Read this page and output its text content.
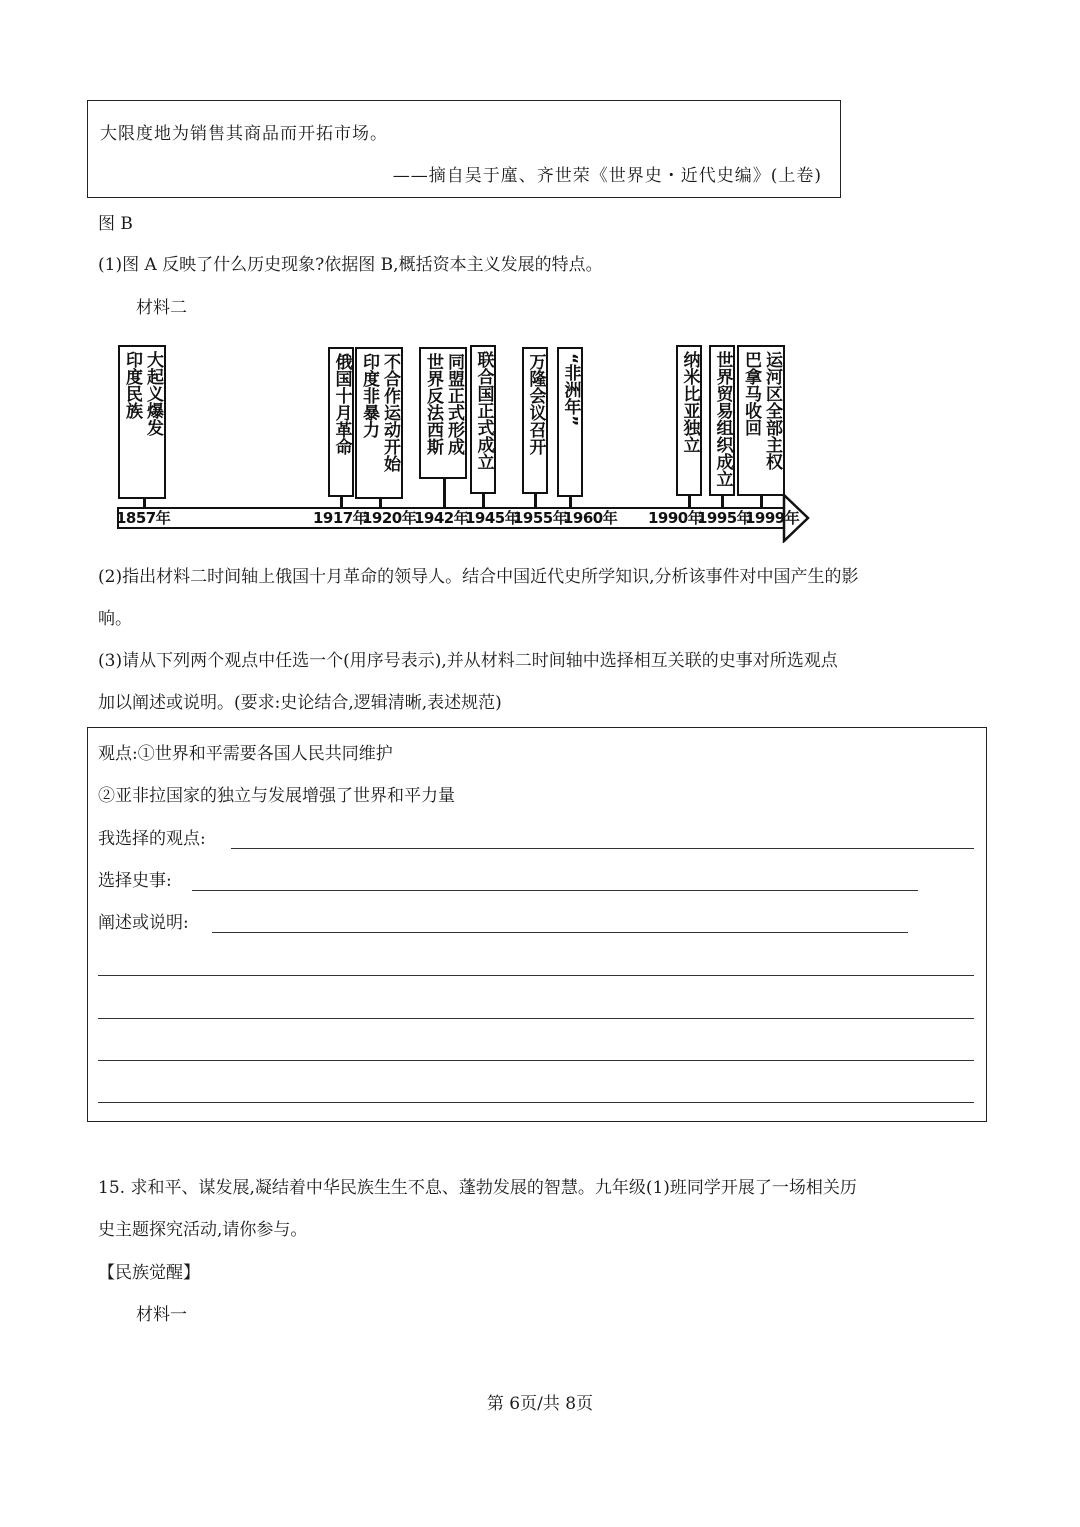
大限度地为销售其商品而开拓市场。
——摘自吴于廑、齐世荣《世界史・近代史编》(上卷)
图 B
(1)图 A 反映了什么历史现象?依据图 B,概括资本主义发展的特点。
材料二
大起义爆发
印度民族
1857年
俄国十月革命
1917年
不合作运动开始
印度非暴力
1920年
同盟正式形成
世界反法西斯
1942年
联合国正式成立
1945年
万隆会议召开
1955年
“非洲年”
1960年
纳米比亚独立
1990年
世界贸易组织成立
1995年
运河区全部主权
巴拿马收回
1999年
(2)指出材料二时间轴上俄国十月革命的领导人。结合中国近代史所学知识,分析该事件对中国产生的影
响。
(3)请从下列两个观点中任选一个(用序号表示),并从材料二时间轴中选择相互关联的史事对所选观点
加以阐述或说明。(要求:史论结合,逻辑清晰,表述规范)
观点:①世界和平需要各国人民共同维护
②亚非拉国家的独立与发展增强了世界和平力量
我选择的观点:
选择史事:
阐述或说明:
15. 求和平、谋发展,凝结着中华民族生生不息、蓬勃发展的智慧。九年级(1)班同学开展了一场相关历
史主题探究活动,请你参与。
【民族觉醒】
材料一
第 6页/共 8页
